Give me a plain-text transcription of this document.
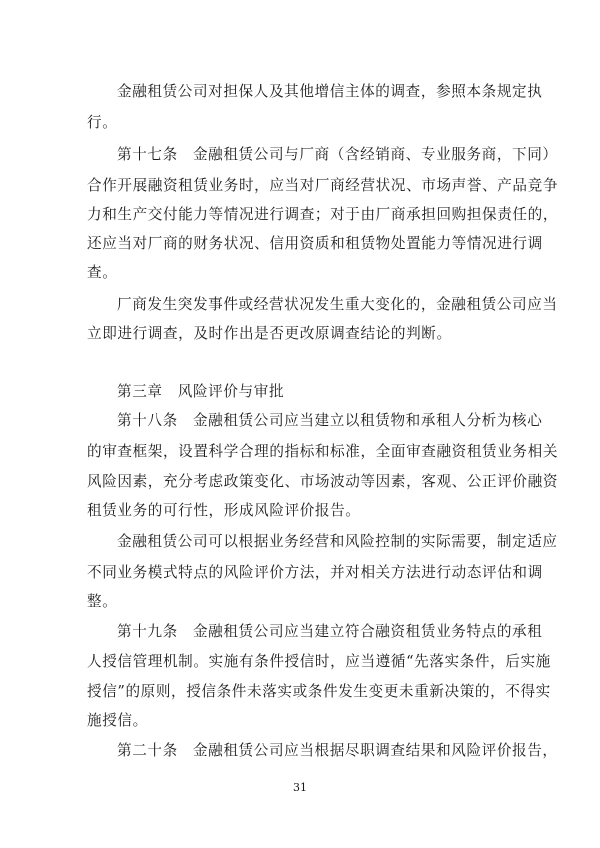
金融租赁公司对担保人及其他增信主体的调查，参照本条规定执
行。
第十七条　金融租赁公司与厂商（含经销商、专业服务商，下同）
合作开展融资租赁业务时，应当对厂商经营状况、市场声誉、产品竞争
力和生产交付能力等情况进行调查；对于由厂商承担回购担保责任的，
还应当对厂商的财务状况、信用资质和租赁物处置能力等情况进行调
查。
厂商发生突发事件或经营状况发生重大变化的，金融租赁公司应当
立即进行调查，及时作出是否更改原调查结论的判断。
第三章　风险评价与审批
第十八条　金融租赁公司应当建立以租赁物和承租人分析为核心
的审查框架，设置科学合理的指标和标准，全面审查融资租赁业务相关
风险因素，充分考虑政策变化、市场波动等因素，客观、公正评价融资
租赁业务的可行性，形成风险评价报告。
金融租赁公司可以根据业务经营和风险控制的实际需要，制定适应
不同业务模式特点的风险评价方法，并对相关方法进行动态评估和调
整。
第十九条　金融租赁公司应当建立符合融资租赁业务特点的承租
人授信管理机制。实施有条件授信时，应当遵循“先落实条件，后实施
授信”的原则，授信条件未落实或条件发生变更未重新决策的，不得实
施授信。
第二十条　金融租赁公司应当根据尽职调查结果和风险评价报告，
31
